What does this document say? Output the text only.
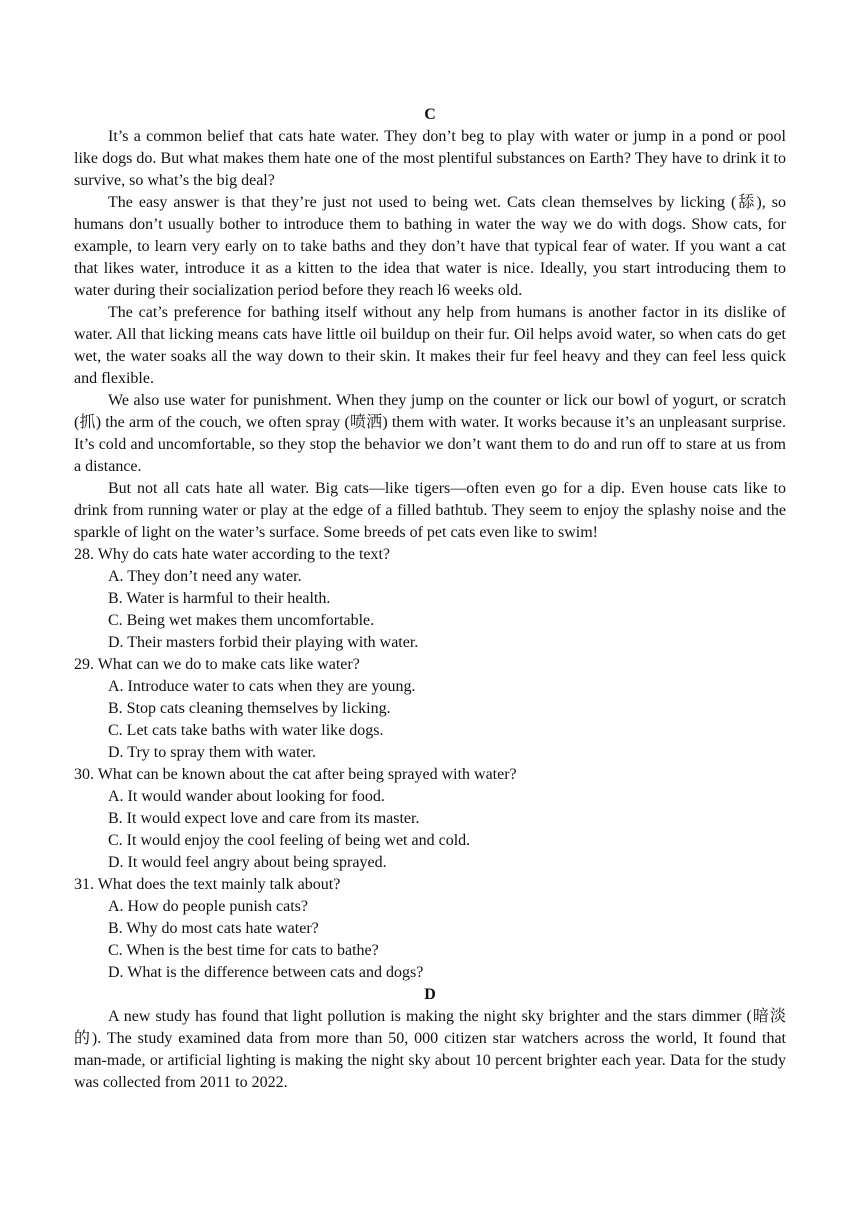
C

It’s a common belief that cats hate water. They don’t beg to play with water or jump in a pond or pool like dogs do. But what makes them hate one of the most plentiful substances on Earth? They have to drink it to survive, so what’s the big deal?

The easy answer is that they’re just not used to being wet. Cats clean themselves by licking (舔), so humans don’t usually bother to introduce them to bathing in water the way we do with dogs. Show cats, for example, to learn very early on to take baths and they don’t have that typical fear of water. If you want a cat that likes water, introduce it as a kitten to the idea that water is nice. Ideally, you start introducing them to water during their socialization period before they reach l6 weeks old.

The cat’s preference for bathing itself without any help from humans is another factor in its dislike of water. All that licking means cats have little oil buildup on their fur. Oil helps avoid water, so when cats do get wet, the water soaks all the way down to their skin. It makes their fur feel heavy and they can feel less quick and flexible.

We also use water for punishment. When they jump on the counter or lick our bowl of yogurt, or scratch (抓) the arm of the couch, we often spray (喷洒) them with water. It works because it’s an unpleasant surprise. It’s cold and uncomfortable, so they stop the behavior we don’t want them to do and run off to stare at us from a distance.

But not all cats hate all water. Big cats—like tigers—often even go for a dip. Even house cats like to drink from running water or play at the edge of a filled bathtub. They seem to enjoy the splashy noise and the sparkle of light on the water’s surface. Some breeds of pet cats even like to swim!

28. Why do cats hate water according to the text?

A. They don’t need any water.

B. Water is harmful to their health.

C. Being wet makes them uncomfortable.

D. Their masters forbid their playing with water.

29. What can we do to make cats like water?

A. Introduce water to cats when they are young.

B. Stop cats cleaning themselves by licking.

C. Let cats take baths with water like dogs.

D. Try to spray them with water.

30. What can be known about the cat after being sprayed with water?

A. It would wander about looking for food.

B. It would expect love and care from its master.

C. It would enjoy the cool feeling of being wet and cold.

D. It would feel angry about being sprayed.

31. What does the text mainly talk about?

A. How do people punish cats?

B. Why do most cats hate water?

C. When is the best time for cats to bathe?

D. What is the difference between cats and dogs?

D

A new study has found that light pollution is making the night sky brighter and the stars dimmer (暗淡的). The study examined data from more than 50, 000 citizen star watchers across the world, It found that man-made, or artificial lighting is making the night sky about 10 percent brighter each year. Data for the study was collected from 2011 to 2022.
